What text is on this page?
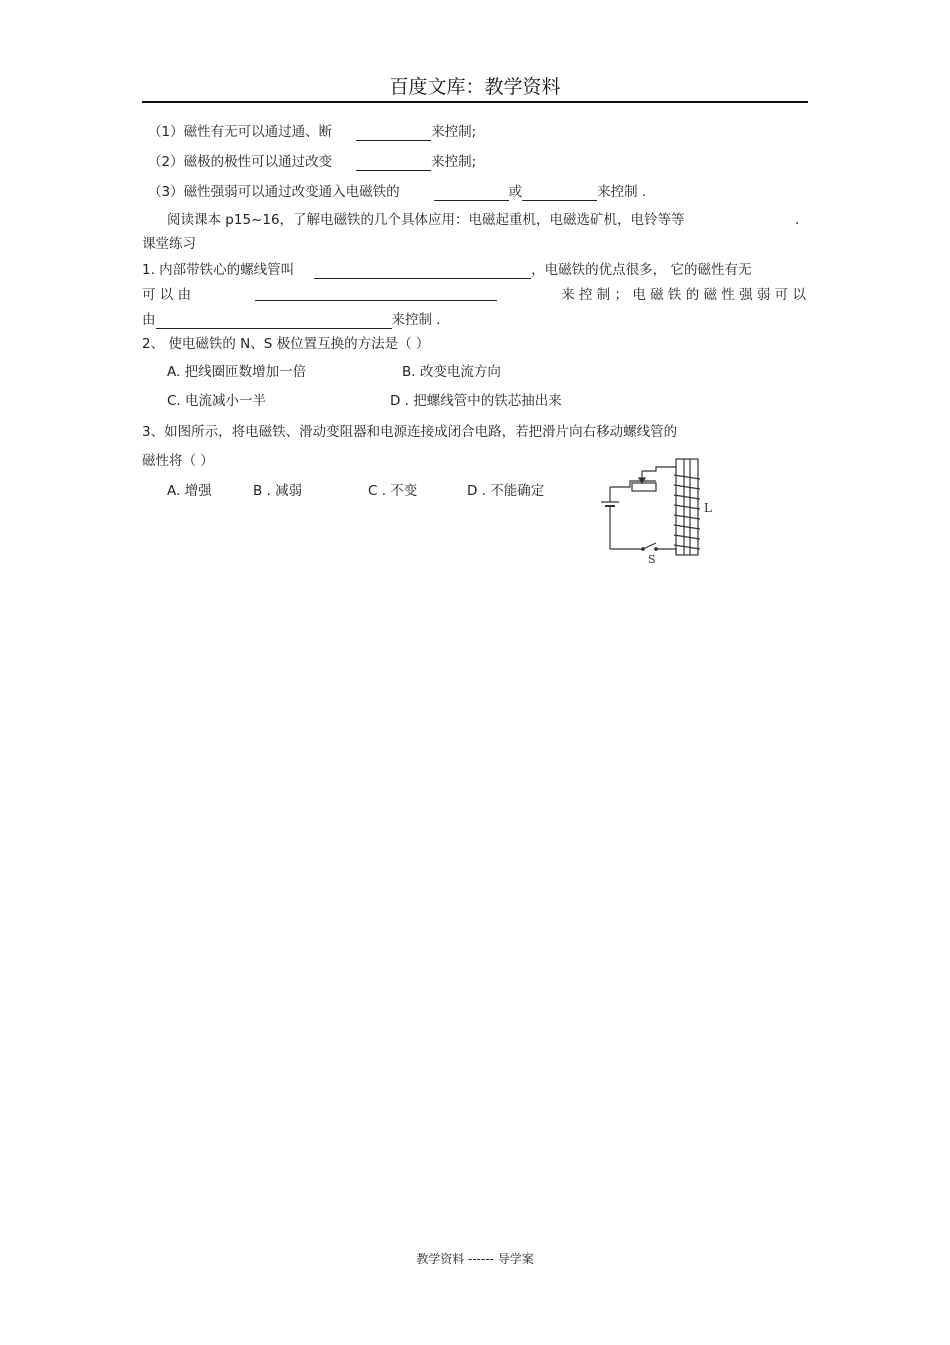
百度文库：教学资料
（1）磁性有无可以通过通、断	来控制;
（2）磁极的极性可以通过改变	来控制;
（3）磁性强弱可以通过改变通入电磁铁的	或	来控制 .
阅读课本 p15~16，了解电磁铁的几个具体应用：电磁起重机，电磁选矿机，电铃等等	.
课堂练习
1. 内部带铁心的螺线管叫	，电磁铁的优点很多， 它的磁性有无
可 以 由	来 控 制 ； 电 磁 铁 的 磁 性 强 弱 可 以
由	来控制 .
2、 使电磁铁的 N、S 极位置互换的方法是（ ）
A. 把线圈匝数增加一倍	B. 改变电流方向
C. 电流减小一半	D . 把螺线管中的铁芯抽出来
3、如图所示，将电磁铁、滑动变阻器和电源连接成闭合电路，若把滑片向右移动螺线管的
磁性将（ ）
A. 增强	B . 减弱	C . 不变	D . 不能确定
L
S
教学资料 ------ 导学案
